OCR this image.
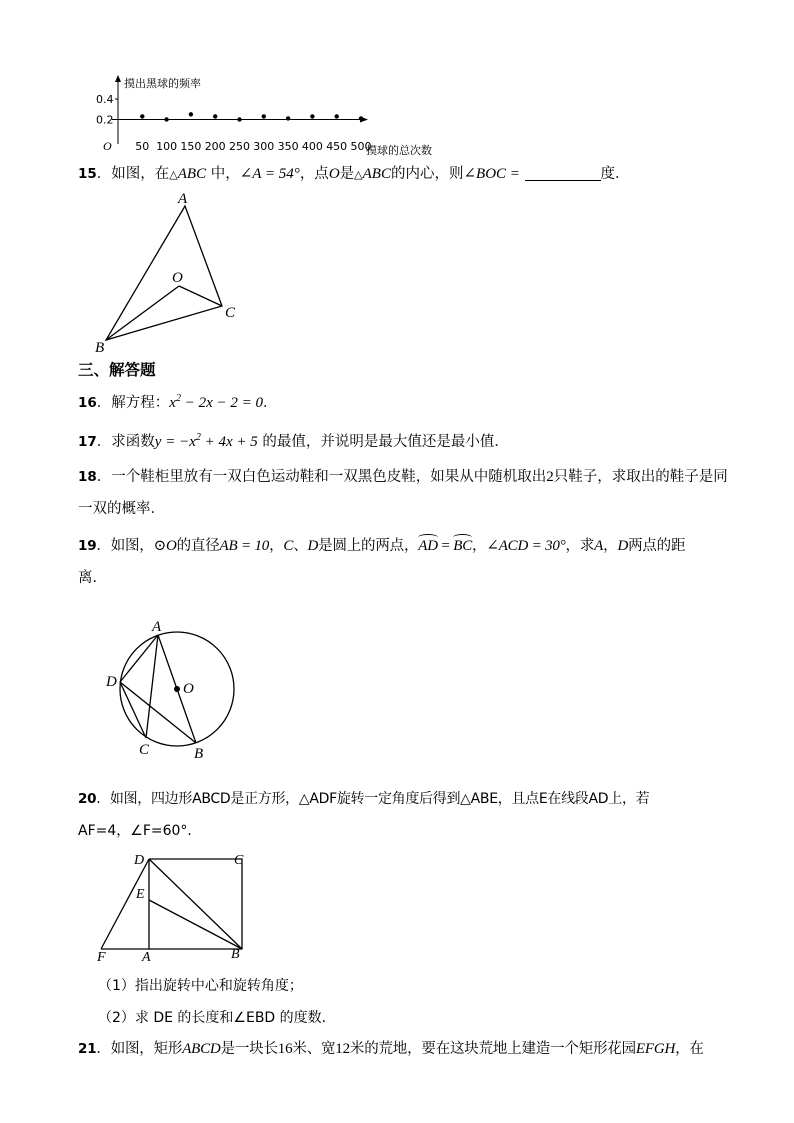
0.2
0.4
摸出黑球的频率
50 100 150 200 250 300 350 400 450 500
O	摸球的总次数
15．如图，在△ABC 中，∠A = 54°，点O是△ABC的内心，则∠BOC =	度．
A
O
C
B
三、解答题
16．解方程：$x^2 - 2x - 2 = 0$．
17．求函数$y = -x^2 + 4x + 5$ 的最值，并说明是最大值还是最小值．
18．一个鞋柜里放有一双白色运动鞋和一双黑色皮鞋，如果从中随机取出2只鞋子，求取出的鞋子是同
一双的概率．
19．如图，⊙O的直径AB = 10，C、D是圆上的两点，AD = BC，∠ACD = 30°，求A，D两点的距
离．
A
D	O
C	B
20．如图，四边形ABCD是正方形，△ADF旋转一定角度后得到△ABE，且点E在线段AD上，若
AF=4，∠F=60°．
D	C
E
F	A	B
（1）指出旋转中心和旋转角度；
（2）求 DE 的长度和∠EBD 的度数．
21．如图，矩形ABCD是一块长16米、宽12米的荒地，要在这块荒地上建造一个矩形花园EFGH，在
